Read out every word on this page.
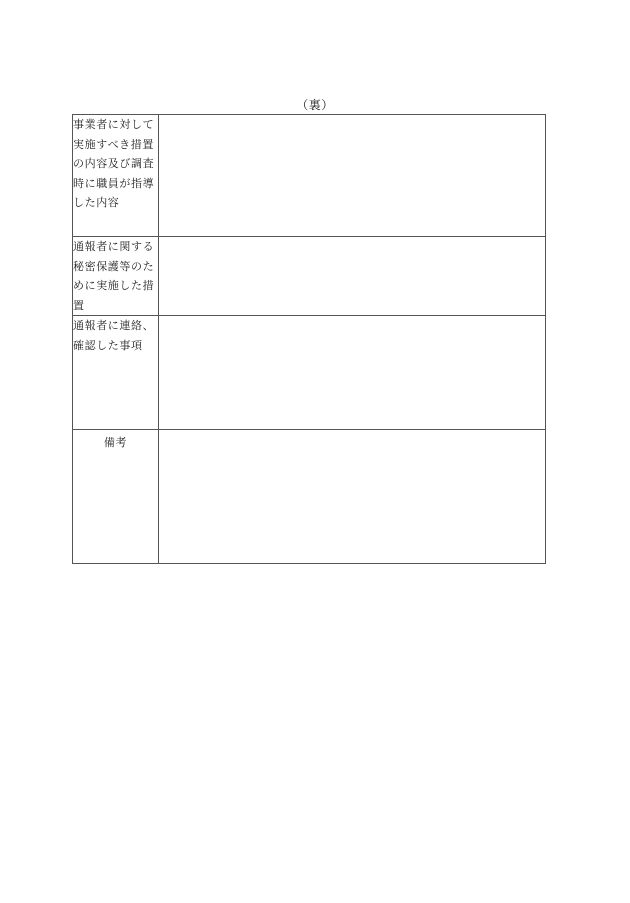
（裏）
事業者に対して実施すべき措置の内容及び調査時に職員が指導した内容	
通報者に関する秘密保護等のために実施した措置	
通報者に連絡、確認した事項	
備考	
